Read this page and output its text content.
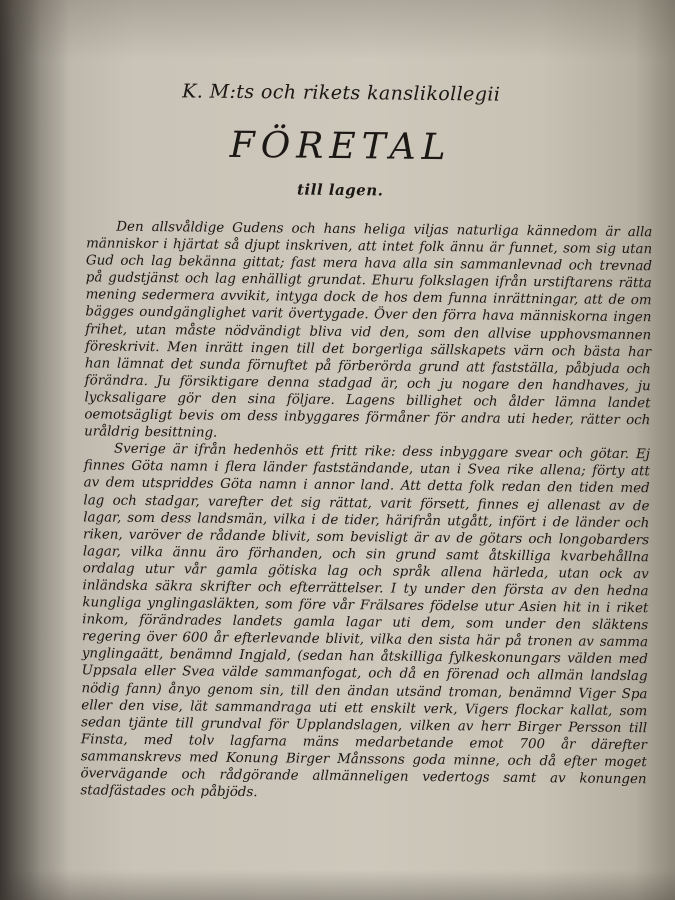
K. M:ts och rikets kanslikollegii
FÖRETAL
till lagen.

Den allsvåldige Gudens och hans heliga viljas naturliga kännedom är alla människor i hjärtat så djupt inskriven, att intet folk ännu är funnet, som sig utan Gud och lag bekänna gittat; fast mera hava alla sin sammanlevnad och trevnad på gudstjänst och lag enhälligt grundat. Ehuru folkslagen ifrån urstiftarens rätta mening sedermera avvikit, intyga dock de hos dem funna inrättningar, att de om bägges oundgänglighet varit övertygade. Över den förra hava människorna ingen frihet, utan måste nödvändigt bliva vid den, som den allvise upphovsmannen föreskrivit. Men inrätt ingen till det borgerliga sällskapets värn och bästa har han lämnat det sunda förnuftet på förberörda grund att fastställa, påbjuda och förändra. Ju försiktigare denna stadgad är, och ju nogare den handhaves, ju lycksaligare gör den sina följare. Lagens billighet och ålder lämna landet oemotsägligt bevis om dess inbyggares förmåner för andra uti heder, rätter och uråldrig besittning.

Sverige är ifrån hedenhös ett fritt rike: dess inbyggare svear och götar. Ej finnes Göta namn i flera länder fastständande, utan i Svea rike allena; förty att av dem utspriddes Göta namn i annor land. Att detta folk redan den tiden med lag och stadgar, varefter det sig rättat, varit försett, finnes ej allenast av de lagar, som dess landsmän, vilka i de tider, härifrån utgått, infört i de länder och riken, varöver de rådande blivit, som bevisligt är av de götars och longobarders lagar, vilka ännu äro förhanden, och sin grund samt åtskilliga kvarbehållna ordalag utur vår gamla götiska lag och språk allena härleda, utan ock av inländska säkra skrifter och efterrättelser. I ty under den första av den hedna kungliga ynglingasläkten, som före vår Frälsares födelse utur Asien hit in i riket inkom, förändrades landets gamla lagar uti dem, som under den släktens regering över 600 år efterlevande blivit, vilka den sista här på tronen av samma ynglingaätt, benämnd Ingjald, (sedan han åtskilliga fylkeskonungars välden med Uppsala eller Svea välde sammanfogat, och då en förenad och allmän landslag nödig fann) ånyo genom sin, till den ändan utsänd troman, benämnd Viger Spa eller den vise, lät sammandraga uti ett enskilt verk, Vigers flockar kallat, som sedan tjänte till grundval för Upplandslagen, vilken av herr Birger Persson till Finsta, med tolv lagfarna mäns medarbetande emot 700 år därefter sammanskrevs med Konung Birger Månssons goda minne, och då efter moget övervägande och rådgörande allmänneligen vedertogs samt av konungen stadfästades och påbjöds.
